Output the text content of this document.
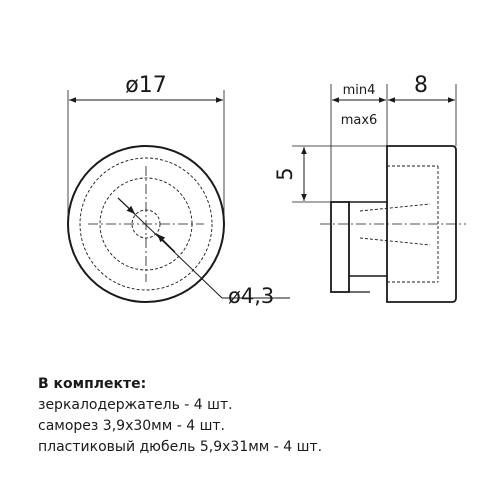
ø17
ø4,3
min4
max6
8
5
В комплекте:
зеркалодержатель - 4 шт.
саморез 3,9х30мм - 4 шт.
пластиковый дюбель 5,9х31мм - 4 шт.
